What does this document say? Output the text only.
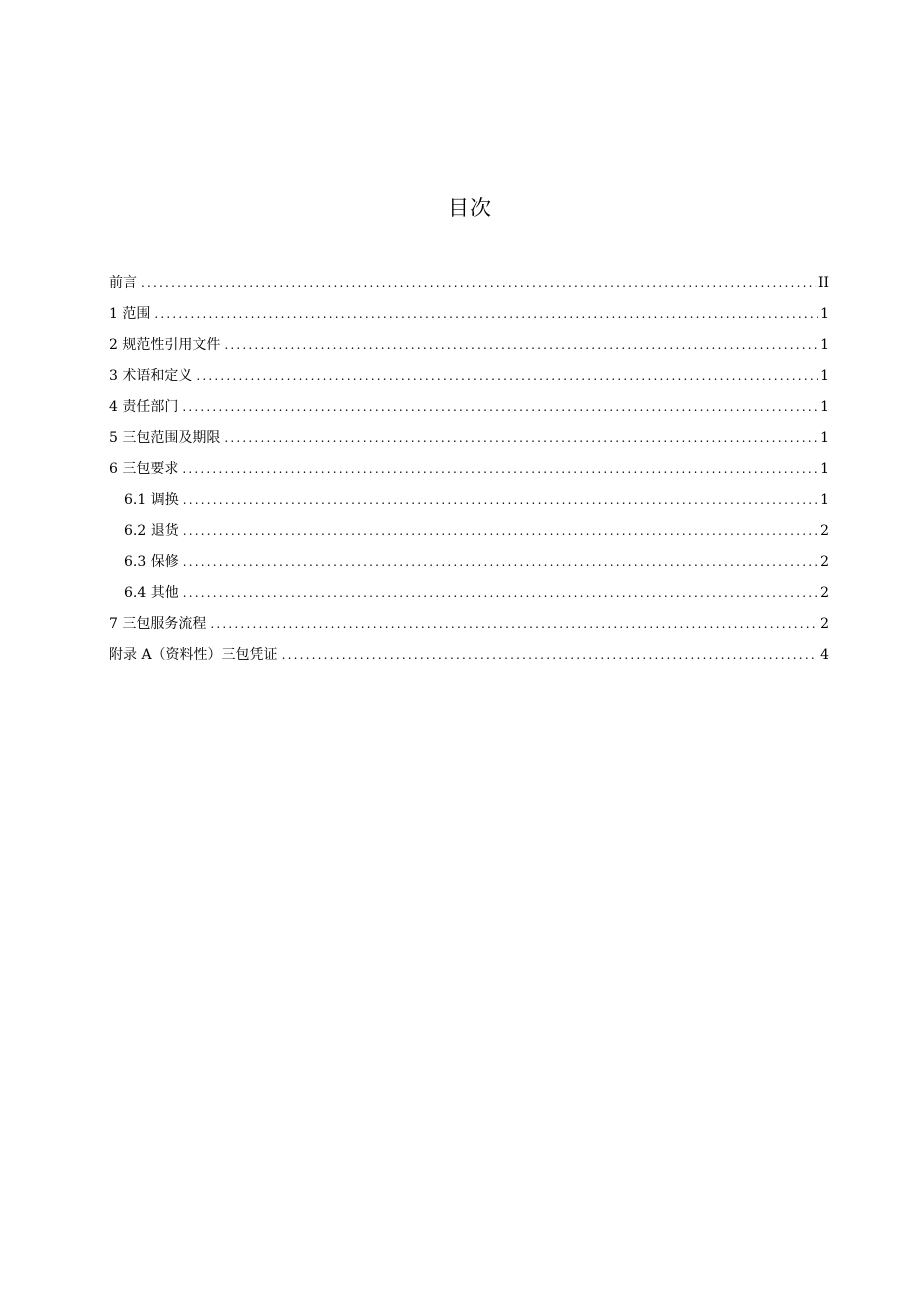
目次
前言 .....	II
1 范围 .....	1
2 规范性引用文件 .....	1
3 术语和定义 .....	1
4 责任部门 .....	1
5 三包范围及期限 .....	1
6 三包要求 .....	1
6.1 调换 .....	1
6.2 退货 .....	2
6.3 保修 .....	2
6.4 其他 .....	2
7 三包服务流程 .....	2
附录 A（资料性）三包凭证 .....	4
